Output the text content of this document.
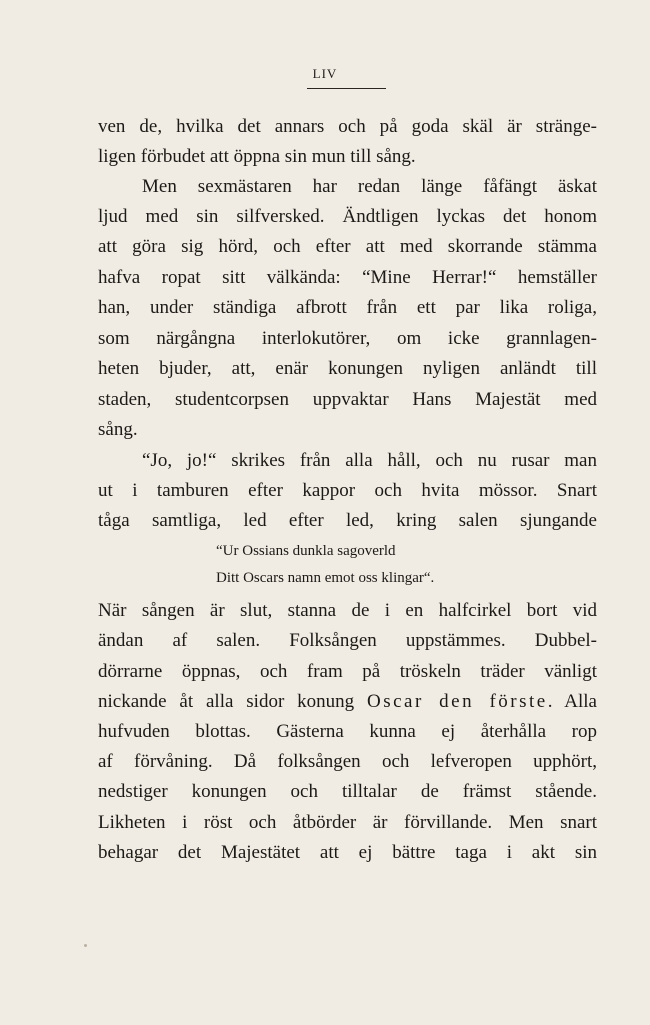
LIV
ven de, hvilka det annars och på goda skäl är stränge-
ligen förbudet att öppna sin mun till sång.
Men sexmästaren har redan länge fåfängt äskat
ljud med sin silfversked. Ändtligen lyckas det honom
att göra sig hörd, och efter att med skorrande stämma
hafva ropat sitt välkända: “Mine Herrar!“ hemställer
han, under ständiga afbrott från ett par lika roliga,
som närgångna interlokutörer, om icke grannlagen-
heten bjuder, att, enär konungen nyligen anländt till
staden, studentcorpsen uppvaktar Hans Majestät med
sång.
“Jo, jo!“ skrikes från alla håll, och nu rusar man
ut i tamburen efter kappor och hvita mössor. Snart
tåga samtliga, led efter led, kring salen sjungande
“Ur Ossians dunkla sagoverld
Ditt Oscars namn emot oss klingar“.
När sången är slut, stanna de i en halfcirkel bort vid
ändan af salen. Folksången uppstämmes. Dubbel-
dörrarne öppnas, och fram på tröskeln träder vänligt
nickande åt alla sidor konung Oscar den förste. Alla
hufvuden blottas. Gästerna kunna ej återhålla rop
af förvåning. Då folksången och lefveropen upphört,
nedstiger konungen och tilltalar de främst stående.
Likheten i röst och åtbörder är förvillande. Men snart
behagar det Majestätet att ej bättre taga i akt sin
